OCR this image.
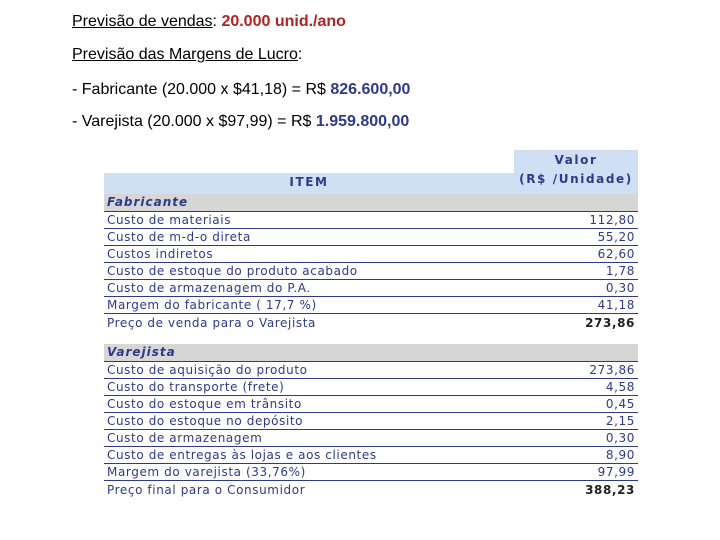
Previsão de vendas: 20.000 unid./ano
Previsão das Margens de Lucro:
- Fabricante (20.000 x $41,18) = R$ 826.600,00
- Varejista (20.000 x $97,99) = R$ 1.959.800,00
ITEM
Valor
(R$ /Unidade)
Fabricante
Custo de materiais	112,80
Custo de m-d-o direta	55,20
Custos indiretos	62,60
Custo de estoque do produto acabado	1,78
Custo de armazenagem do P.A.	0,30
Margem do fabricante ( 17,7 %)	41,18
Preço de venda para o Varejista	273,86
Varejista
Custo de aquisição do produto	273,86
Custo do transporte (frete)	4,58
Custo do estoque em trânsito	0,45
Custo do estoque no depósito	2,15
Custo de armazenagem	0,30
Custo de entregas às lojas e aos clientes	8,90
Margem do varejista (33,76%)	97,99
Preço final para o Consumidor	388,23
